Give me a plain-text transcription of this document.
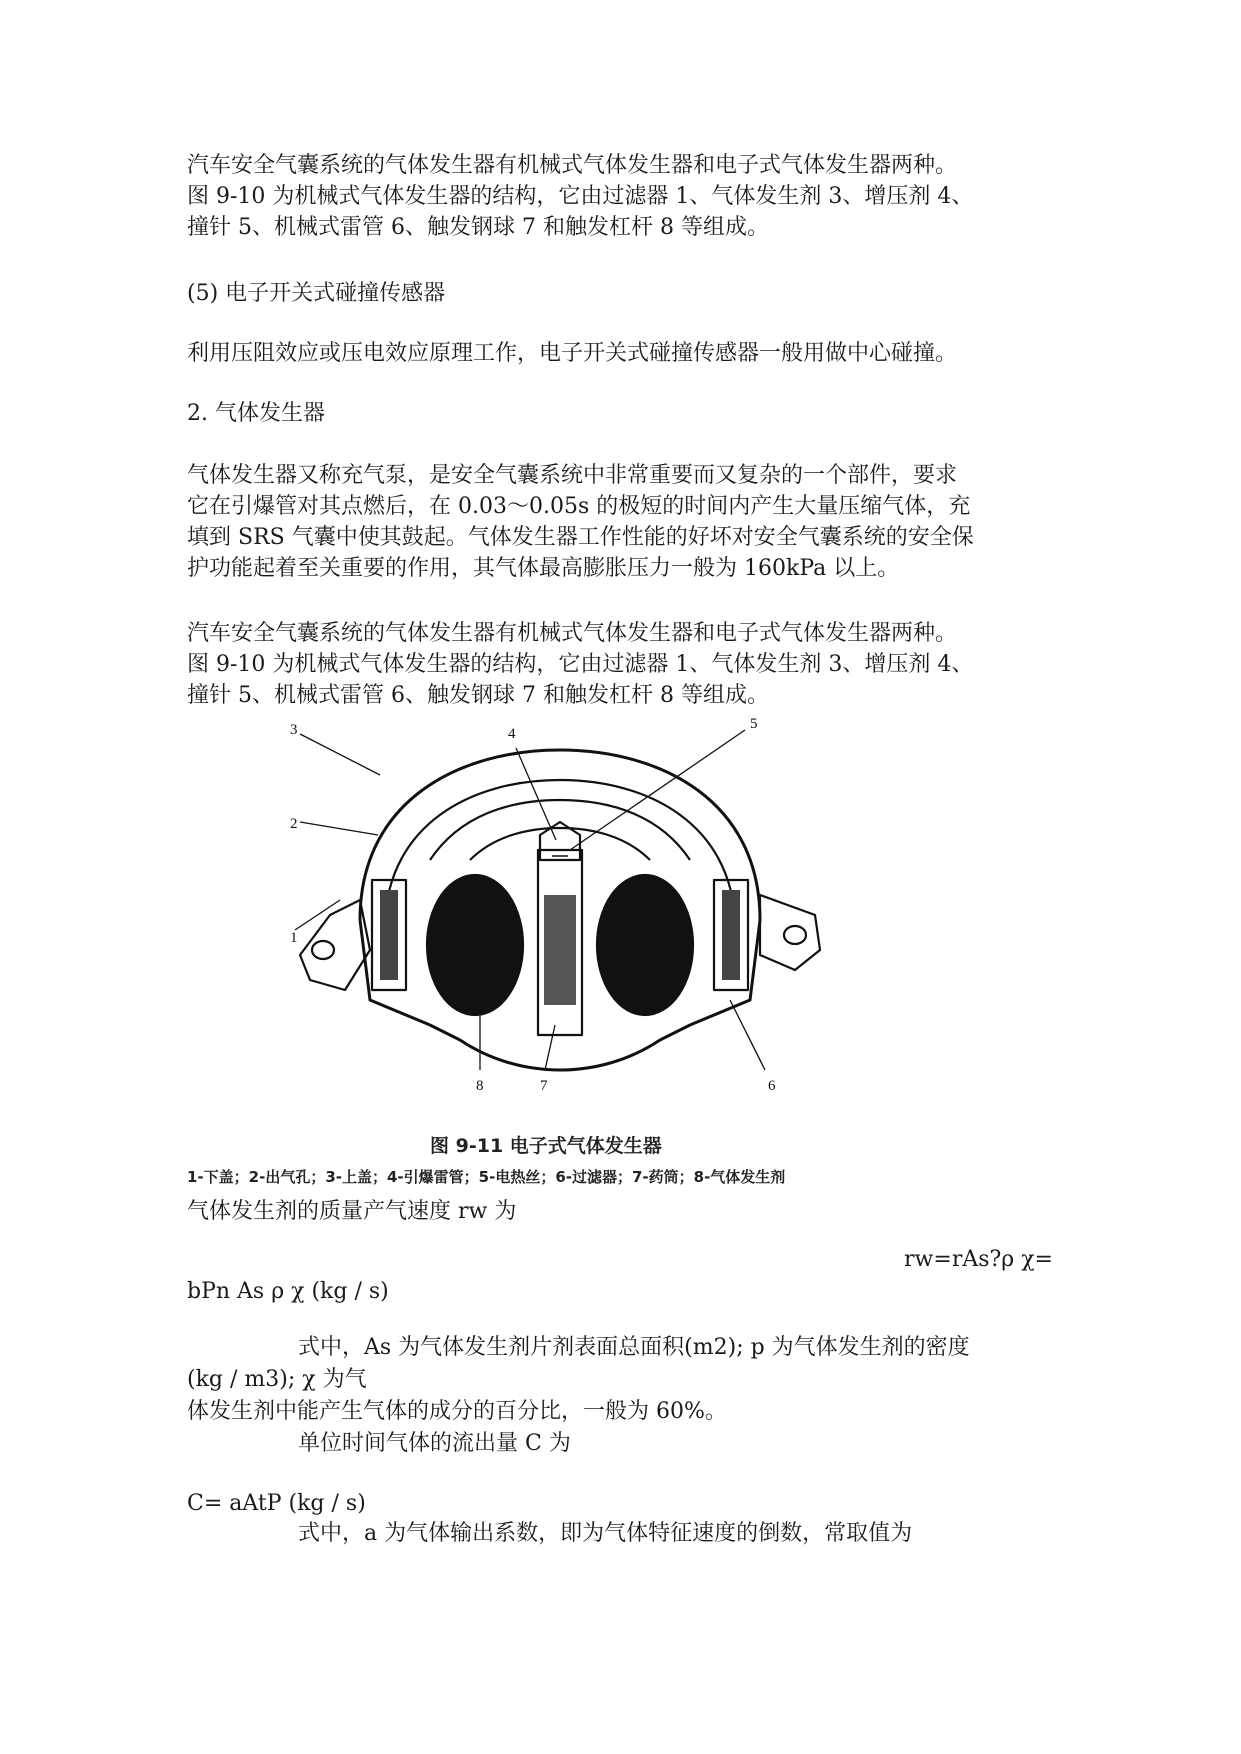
汽车安全气囊系统的气体发生器有机械式气体发生器和电子式气体发生器两种。
图 9-10 为机械式气体发生器的结构，它由过滤器 1、气体发生剂 3、增压剂 4、
撞针 5、机械式雷管 6、触发钢球 7 和触发杠杆 8 等组成。

(5) 电子开关式碰撞传感器

利用压阻效应或压电效应原理工作，电子开关式碰撞传感器一般用做中心碰撞。

2. 气体发生器

气体发生器又称充气泵，是安全气囊系统中非常重要而又复杂的一个部件，要求
它在引爆管对其点燃后，在 0.03～0.05s 的极短的时间内产生大量压缩气体，充
填到 SRS 气囊中使其鼓起。气体发生器工作性能的好坏对安全气囊系统的安全保
护功能起着至关重要的作用，其气体最高膨胀压力一般为 160kPa 以上。

汽车安全气囊系统的气体发生器有机械式气体发生器和电子式气体发生器两种。
图 9-10 为机械式气体发生器的结构，它由过滤器 1、气体发生剂 3、增压剂 4、
撞针 5、机械式雷管 6、触发钢球 7 和触发杠杆 8 等组成。

4
3	5
2
1
8	7	6

图 9-11 电子式气体发生器

1-下盖；2-出气孔；3-上盖；4-引爆雷管；5-电热丝；6-过滤器；7-药筒；8-气体发生剂

气体发生剂的质量产气速度 rw 为

rw=rAs?ρ χ=

bPn As ρ χ (kg / s)

式中，As 为气体发生剂片剂表面总面积(m2); p 为气体发生剂的密度

(kg / m3); χ 为气

体发生剂中能产生气体的成分的百分比，一般为 60%。

单位时间气体的流出量 C 为

C= aAtP (kg / s)

式中，a 为气体输出系数，即为气体特征速度的倒数，常取值为
